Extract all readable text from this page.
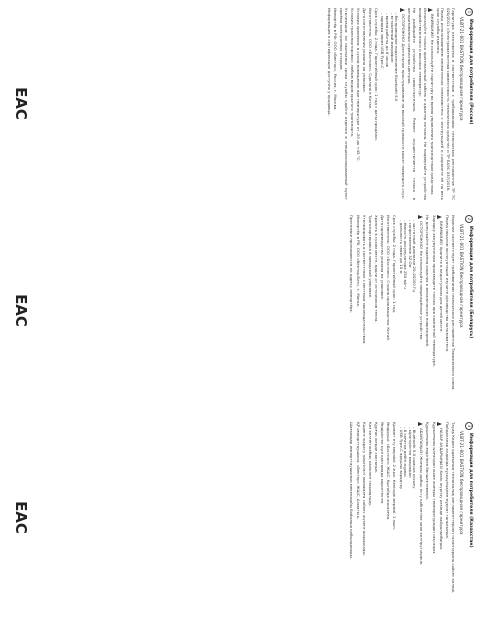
1
Информация для потребителя (Россия)
VLBT-21-001 BASTION беспроводная гарнитура

Гарнитура изготовлена в соответствии с требованиями технических регламентов ТР ТС 020/2011 «Электромагнитная совместимость технических средств» и ТР ЕАЭС 037/2016.

Перед использованием внимательно ознакомьтесь с инструкцией и сохраните её на весь срок службы изделия.

ВНИМАНИЕ! Не используйте гарнитуру во время управления транспортным средством.

Используйте только оригинальный кабель и адаптер питания. Не подвергайте устройство воздействию влаги и высоких температур.

Не разбирайте устройство самостоятельно. Ремонт осуществляется только в авторизованных сервисных центрах.

ОСТОРОЖНО! Длительное прослушивание на высокой громкости может повредить слух.

- беспроводное подключение Bluetooth 5.0
- встроенный микрофон
- время работы до 8 часов
- зарядка через USB Type-C

Срок службы: 2 года. Гарантийный срок: 1 год с даты продажи.

Изготовитель: ООО «Бастион». Сделано в Китае.

Дата изготовления указана на упаковке.

Условия хранения: в сухом помещении при температуре от -20 до +45 °C.

Условия транспортировки: любым видом крытого транспорта.

Утилизация: по окончании срока службы сдайте изделие в специализированный пункт приёма электронных отходов.

Импортёр в РФ: ООО «Вектор», Россия, г. Москва.

Информация о сертификации доступна у продавца.

EAC
2
Информация для потребителя (Беларусь)
VLBT-21-001 BASTION беспроводная гарнитура

Изделие соответствует требованиям технических регламентов Таможенного союза.

Перед началом эксплуатации изучите руководство пользователя.

ВНИМАНИЕ! Храните в недоступном для детей месте.

Зарядку аккумулятора производите только при комнатной температуре.

Не допускайте падения изделия и механических повреждений.

ОСТОРОЖНО! Не используйте повреждённое устройство.

- частотный диапазон 20–20000 Гц
- сопротивление 32 Ом
- ёмкость аккумулятора 250 мА·ч
- дальность связи до 10 м

Срок службы: 2 года. Гарантийный срок: 1 год.

Изготовитель: ООО «Бастион». Страна производства: Китай.

Дата производства указана на упаковке.

Хранить в сухом месте, вдали от источников тепла.

Транспортировка в заводской упаковке.

Утилизировать в соответствии с местным законодательством.

Импортёр в РБ: ООО «Вектор-Бел», г. Минск.

Претензии принимаются по адресу импортёра.

EAC
3
Информация для потребителя (Казахстан)
VLBT-21-001 BASTION беспроводная гарнитура

Тауар Кеден одағының техникалық регламенттерінің талаптарына сәйкес келеді.

Пайдаланар алдында нұсқаулықпен мұқият танысыңыз.

НАЗАР АУДАРЫҢЫЗ! Көлік жүргізу кезінде пайдаланбаңыз.

Құрылғыны ылғалдан және жоғары температурадан сақтаңыз.

Құрылғыны өздігінен бөлшектемеңіз.

АБАЙЛАҢЫЗ! Жоғары дыбыс есту қабілетіне зиян келтіруі мүмкін.

- Bluetooth 5.0 сымсыз қосылу
- кіріктірілген микрофон
- 8 сағатқа дейін жұмыс
- USB Type-C арқылы зарядтау

Қызмет ету мерзімі: 2 жыл. Кепілдік мерзімі: 1 жыл.

Өндіруші: «Бастион» ЖШС. Қытайда жасалған.

Өндірілген күні қаптамада көрсетілген.

Құрғақ жерде сақтаңыз.

Кез келген жабық көлікпен тасымалдау.

Кәдеге жарату жергілікті заңнамаға сәйкес жүзеге асырылады.

ҚР импорттаушысы: «Вектор» ЖШС, Алматы қ.

Шағымдар импорттаушының мекенжайы бойынша қабылданады.

EAC
